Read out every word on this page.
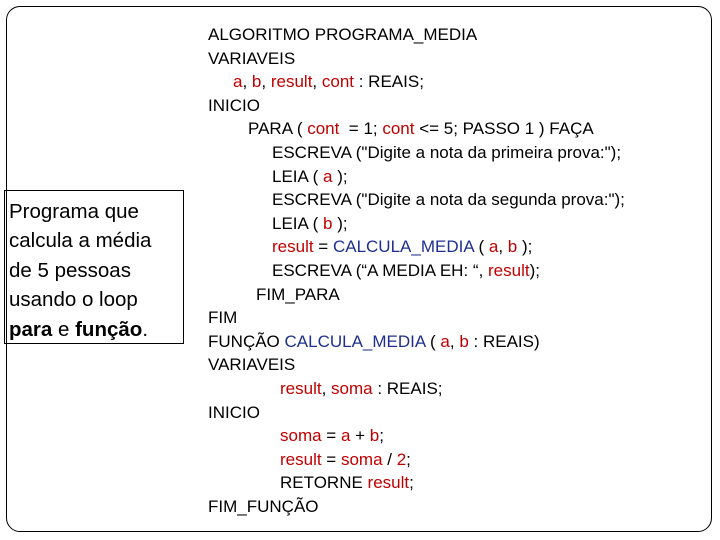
Programa que
calcula a média
de 5 pessoas
usando o loop
para e função.
ALGORITMO PROGRAMA_MEDIA
VARIAVEIS
a, b, result, cont : REAIS;
INICIO
PARA ( cont  = 1; cont <= 5; PASSO 1 ) FAÇA
ESCREVA ("Digite a nota da primeira prova:");
LEIA ( a );
ESCREVA ("Digite a nota da segunda prova:");
LEIA ( b );
result = CALCULA_MEDIA ( a, b );
ESCREVA (“A MEDIA EH: “, result);
FIM_PARA
FIM
FUNÇÃO CALCULA_MEDIA ( a, b : REAIS)
VARIAVEIS
result, soma : REAIS;
INICIO
soma = a + b;
result = soma / 2;
RETORNE result;
FIM_FUNÇÃO
